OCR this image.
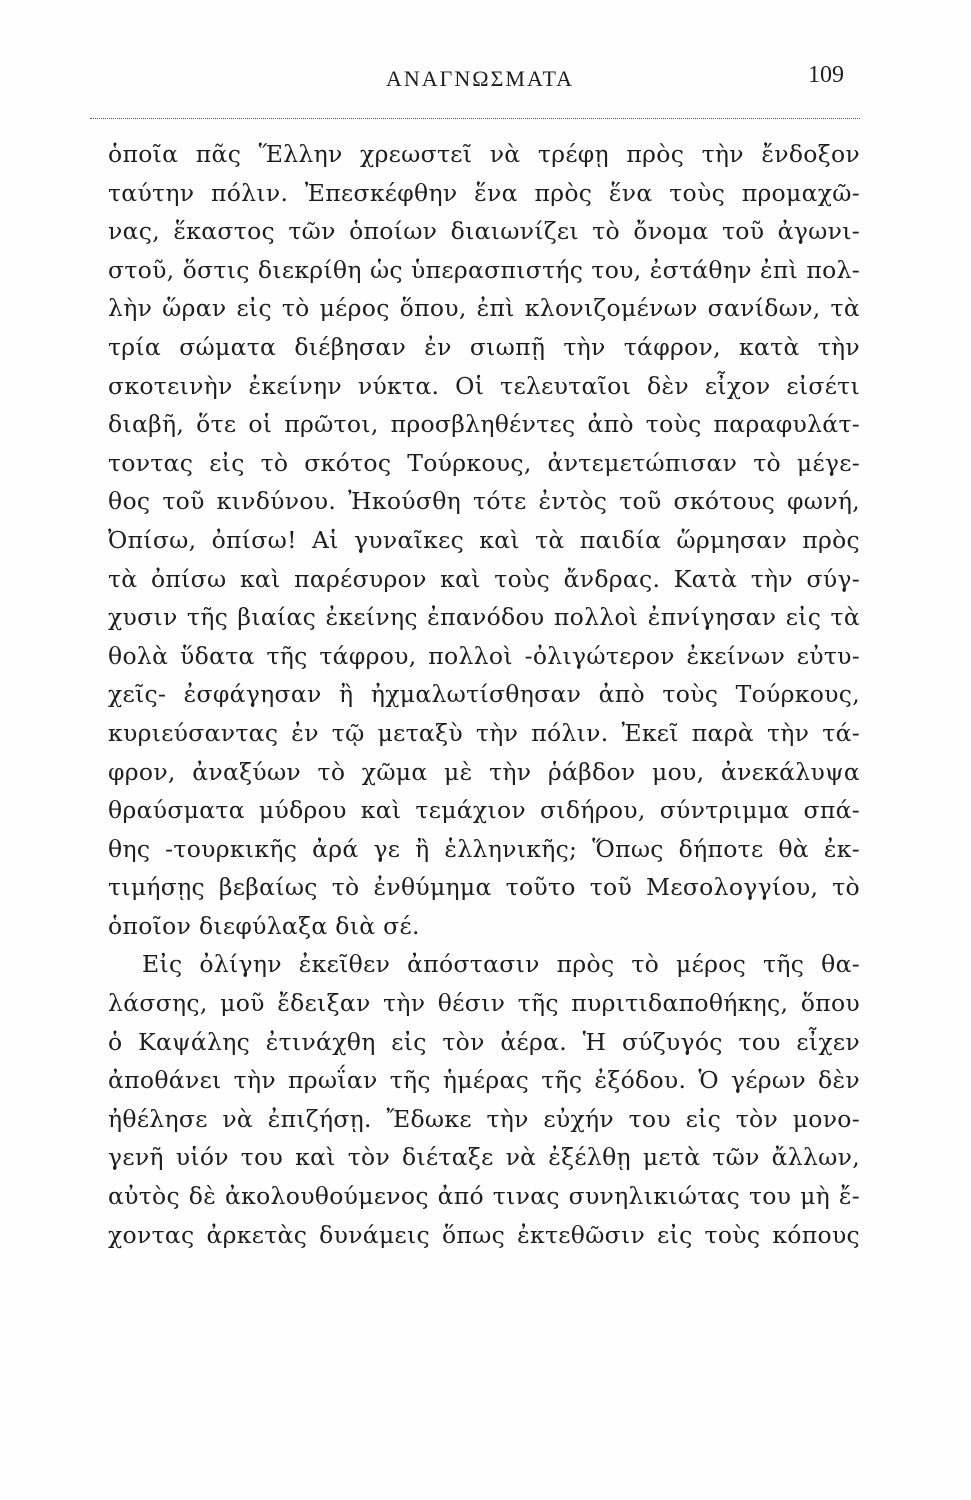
ΑΝΑΓΝΩΣΜΑΤΑ	109
ὁποῖα πᾶς Ἕλλην χρεωστεῖ νὰ τρέφῃ πρὸς τὴν ἔνδοξον
ταύτην πόλιν. Ἐπεσκέφθην ἕνα πρὸς ἕνα τοὺς προμαχῶ-
νας, ἕκαστος τῶν ὁποίων διαιωνίζει τὸ ὄνομα τοῦ ἀγωνι-
στοῦ, ὅστις διεκρίθη ὡς ὑπερασπιστής του, ἐστάθην ἐπὶ πολ-
λὴν ὥραν εἰς τὸ μέρος ὅπου, ἐπὶ κλονιζομένων σανίδων, τὰ
τρία σώματα διέβησαν ἐν σιωπῇ τὴν τάφρον, κατὰ τὴν
σκοτεινὴν ἐκείνην νύκτα. Οἱ τελευταῖοι δὲν εἶχον εἰσέτι
διαβῆ, ὅτε οἱ πρῶτοι, προσβληθέντες ἀπὸ τοὺς παραφυλάτ-
τοντας εἰς τὸ σκότος Τούρκους, ἀντεμετώπισαν τὸ μέγε-
θος τοῦ κινδύνου. Ἠκούσθη τότε ἐντὸς τοῦ σκότους φωνή,
Ὀπίσω, ὀπίσω! Αἱ γυναῖκες καὶ τὰ παιδία ὥρμησαν πρὸς
τὰ ὀπίσω καὶ παρέσυρον καὶ τοὺς ἄνδρας. Κατὰ τὴν σύγ-
χυσιν τῆς βιαίας ἐκείνης ἐπανόδου πολλοὶ ἐπνίγησαν εἰς τὰ
θολὰ ὕδατα τῆς τάφρου, πολλοὶ -ὀλιγώτερον ἐκείνων εὐτυ-
χεῖς- ἐσφάγησαν ἢ ἠχμαλωτίσθησαν ἀπὸ τοὺς Τούρκους,
κυριεύσαντας ἐν τῷ μεταξὺ τὴν πόλιν. Ἐκεῖ παρὰ τὴν τά-
φρον, ἀναξύων τὸ χῶμα μὲ τὴν ῥάβδον μου, ἀνεκάλυψα
θραύσματα μύδρου καὶ τεμάχιον σιδήρου, σύντριμμα σπά-
θης -τουρκικῆς ἀρά γε ἢ ἑλληνικῆς; Ὅπως δήποτε θὰ ἐκ-
τιμήσῃς βεβαίως τὸ ἐνθύμημα τοῦτο τοῦ Μεσολογγίου, τὸ
ὁποῖον διεφύλαξα διὰ σέ.
Εἰς ὀλίγην ἐκεῖθεν ἀπόστασιν πρὸς τὸ μέρος τῆς θα-
λάσσης, μοῦ ἔδειξαν τὴν θέσιν τῆς πυριτιδαποθήκης, ὅπου
ὁ Καψάλης ἐτινάχθη εἰς τὸν ἀέρα. Ἡ σύζυγός του εἶχεν
ἀποθάνει τὴν πρωΐαν τῆς ἡμέρας τῆς ἐξόδου. Ὁ γέρων δὲν
ἠθέλησε νὰ ἐπιζήσῃ. Ἔδωκε τὴν εὐχήν του εἰς τὸν μονο-
γενῆ υἱόν του καὶ τὸν διέταξε νὰ ἐξέλθῃ μετὰ τῶν ἄλλων,
αὐτὸς δὲ ἀκολουθούμενος ἀπό τινας συνηλικιώτας του μὴ ἔ-
χοντας ἀρκετὰς δυνάμεις ὅπως ἐκτεθῶσιν εἰς τοὺς κόπους
